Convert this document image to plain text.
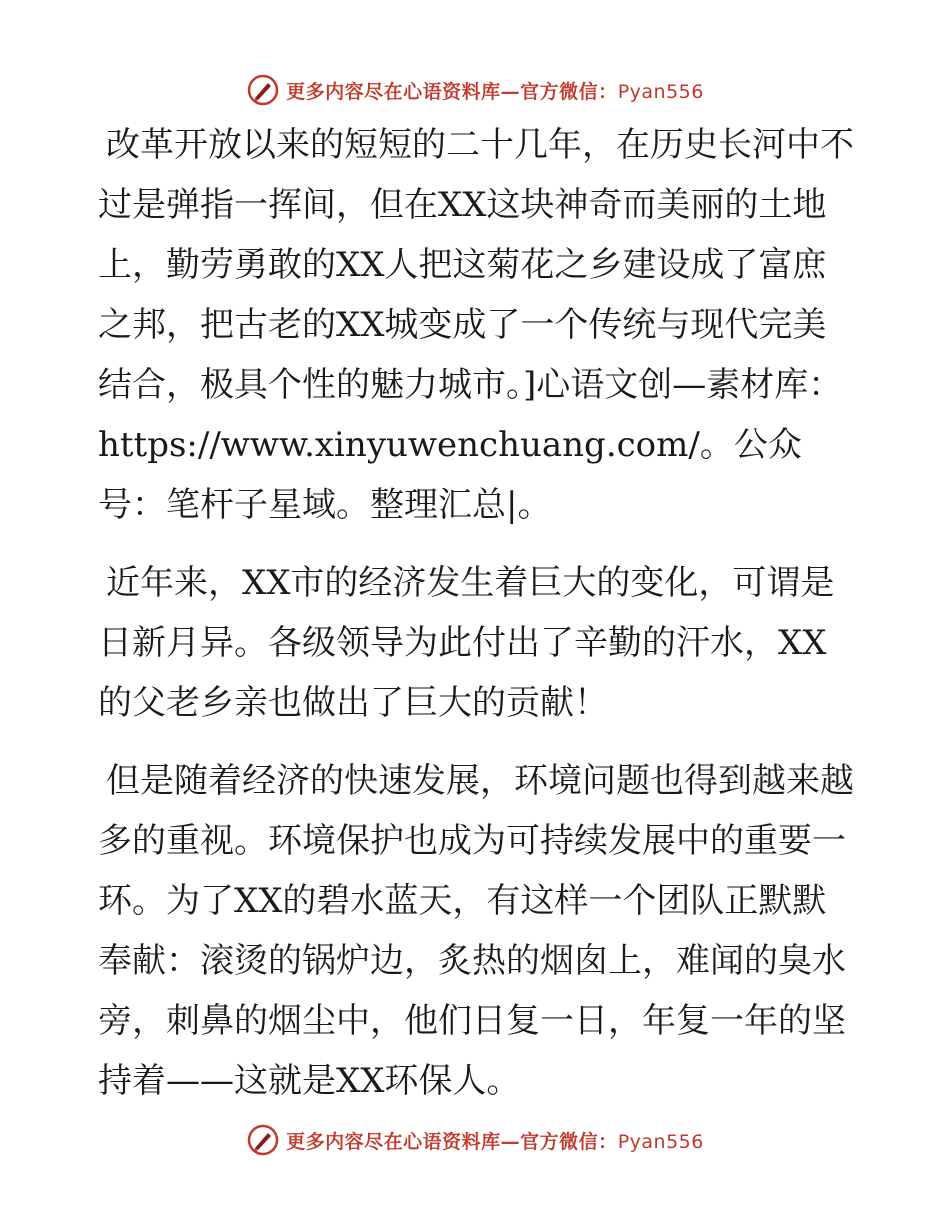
更多内容尽在心语资料库—官方微信：Pyan556

改革开放以来的短短的二十几年，在历史长河中不过是弹指一挥间，但在XX这块神奇而美丽的土地上，勤劳勇敢的XX人把这菊花之乡建设成了富庶之邦，把古老的XX城变成了一个传统与现代完美结合，极具个性的魅力城市。]心语文创—素材库：https://www.xinyuwenchuang.com/。公众号：笔杆子星域。整理汇总|。

近年来，XX市的经济发生着巨大的变化，可谓是日新月异。各级领导为此付出了辛勤的汗水，XX的父老乡亲也做出了巨大的贡献！

但是随着经济的快速发展，环境问题也得到越来越多的重视。环境保护也成为可持续发展中的重要一环。为了XX的碧水蓝天，有这样一个团队正默默奉献：滚烫的锅炉边，炙热的烟囱上，难闻的臭水旁，刺鼻的烟尘中，他们日复一日，年复一年的坚持着——这就是XX环保人。

更多内容尽在心语资料库—官方微信：Pyan556
